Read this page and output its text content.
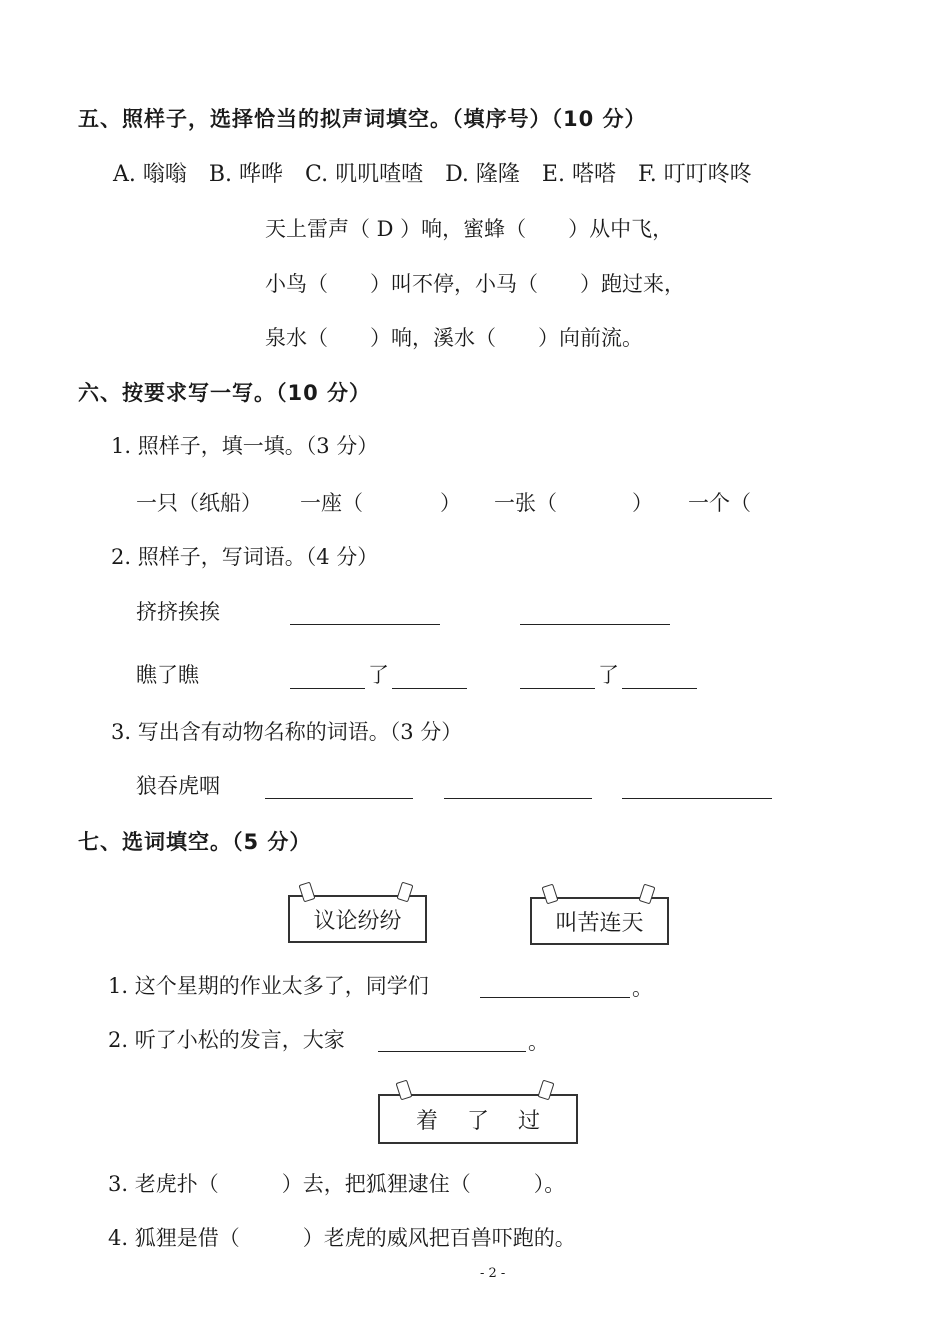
五、照样子，选择恰当的拟声词填空。（填序号）（10 分）
A. 嗡嗡　B. 哗哗　C. 叽叽喳喳　D. 隆隆　E. 嗒嗒　F. 叮叮咚咚
天上雷声（ D ）响，蜜蜂（　　）从中飞，
小鸟（　　）叫不停，小马（　　）跑过来，
泉水（　　）响，溪水（　　）向前流。
六、按要求写一写。（10 分）
1. 照样子，填一填。（3 分）
一只（纸船） 一座（	） 一张（	） 一个（
2. 照样子，写词语。（4 分）
挤挤挨挨
瞧了瞧	了	了
3. 写出含有动物名称的词语。（3 分）
狼吞虎咽
七、选词填空。（5 分）
议论纷纷	叫苦连天
1. 这个星期的作业太多了，同学们	。
2. 听了小松的发言，大家	。
着　 了　 过
3. 老虎扑（　　　）去，把狐狸逮住（　　　）。
4. 狐狸是借（　　　）老虎的威风把百兽吓跑的。
- 2 -
